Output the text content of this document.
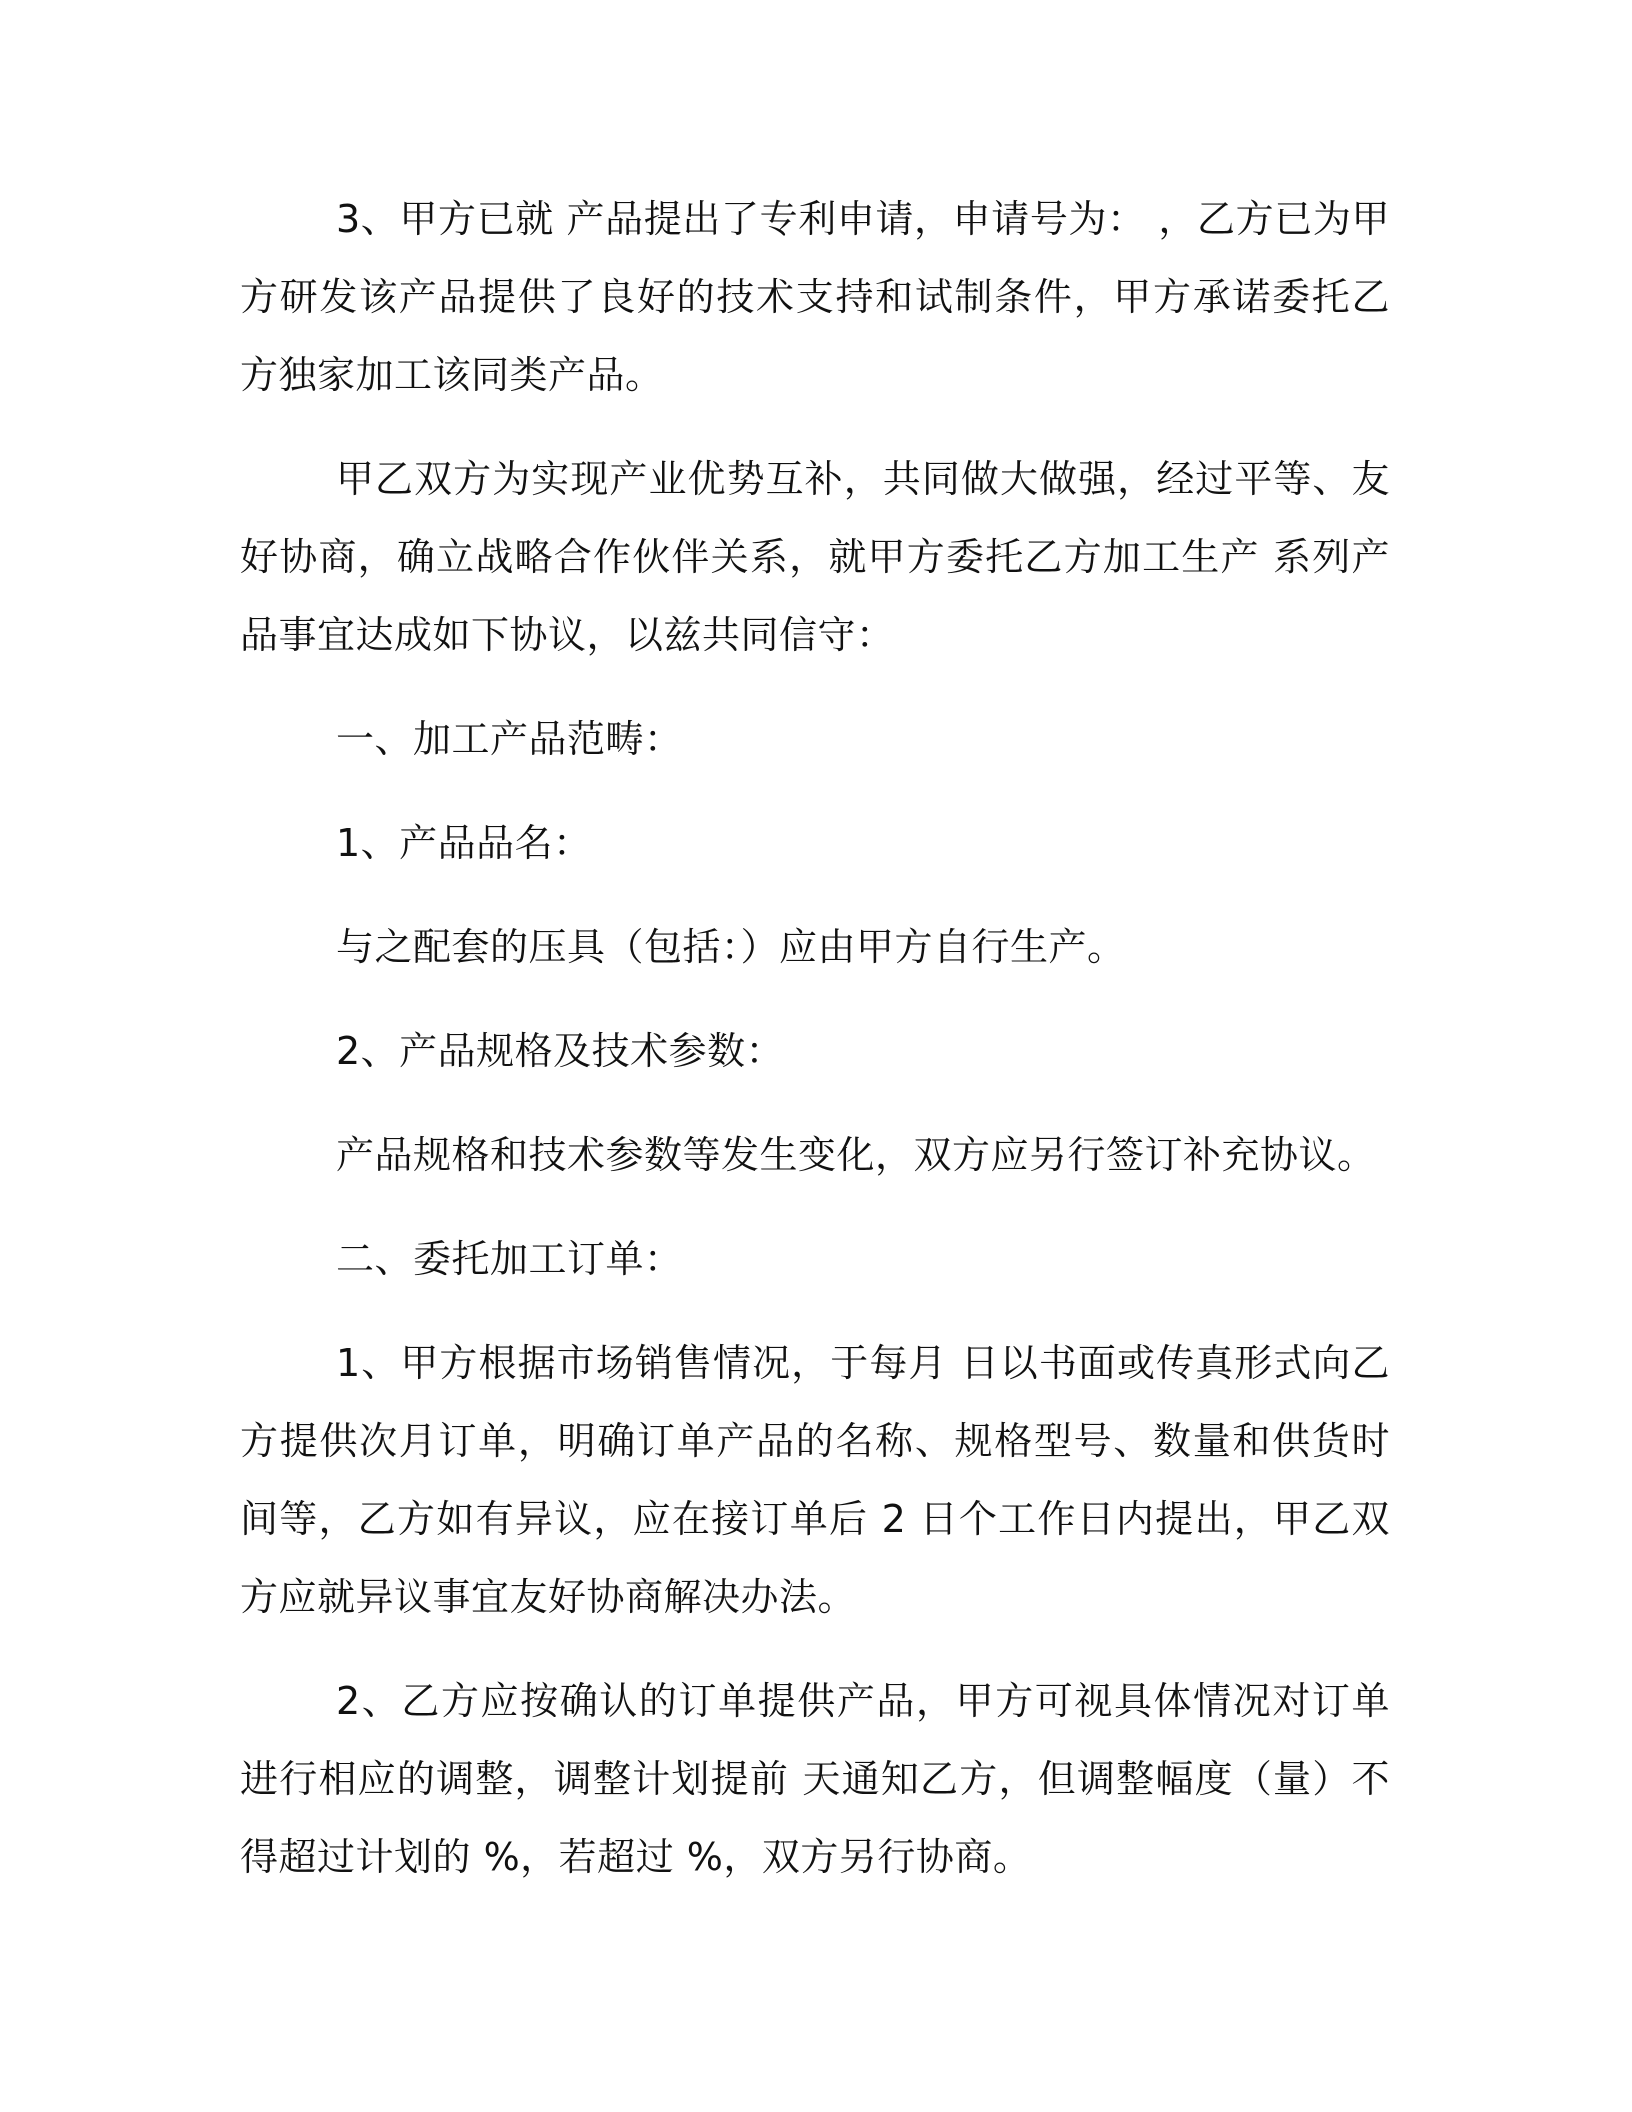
3、甲方已就 产品提出了专利申请，申请号为： ，乙方已为甲方研发该产品提供了良好的技术支持和试制条件，甲方承诺委托乙方独家加工该同类产品。

甲乙双方为实现产业优势互补，共同做大做强，经过平等、友好协商，确立战略合作伙伴关系，就甲方委托乙方加工生产 系列产品事宜达成如下协议，以兹共同信守：

一、加工产品范畴：

1、产品品名：

与之配套的压具（包括：）应由甲方自行生产。

2、产品规格及技术参数：

产品规格和技术参数等发生变化，双方应另行签订补充协议。

二、委托加工订单：

1、甲方根据市场销售情况，于每月 日以书面或传真形式向乙方提供次月订单，明确订单产品的名称、规格型号、数量和供货时间等，乙方如有异议，应在接订单后 2 日个工作日内提出，甲乙双方应就异议事宜友好协商解决办法。

2、乙方应按确认的订单提供产品，甲方可视具体情况对订单进行相应的调整，调整计划提前 天通知乙方，但调整幅度（量）不得超过计划的 %，若超过 %，双方另行协商。
